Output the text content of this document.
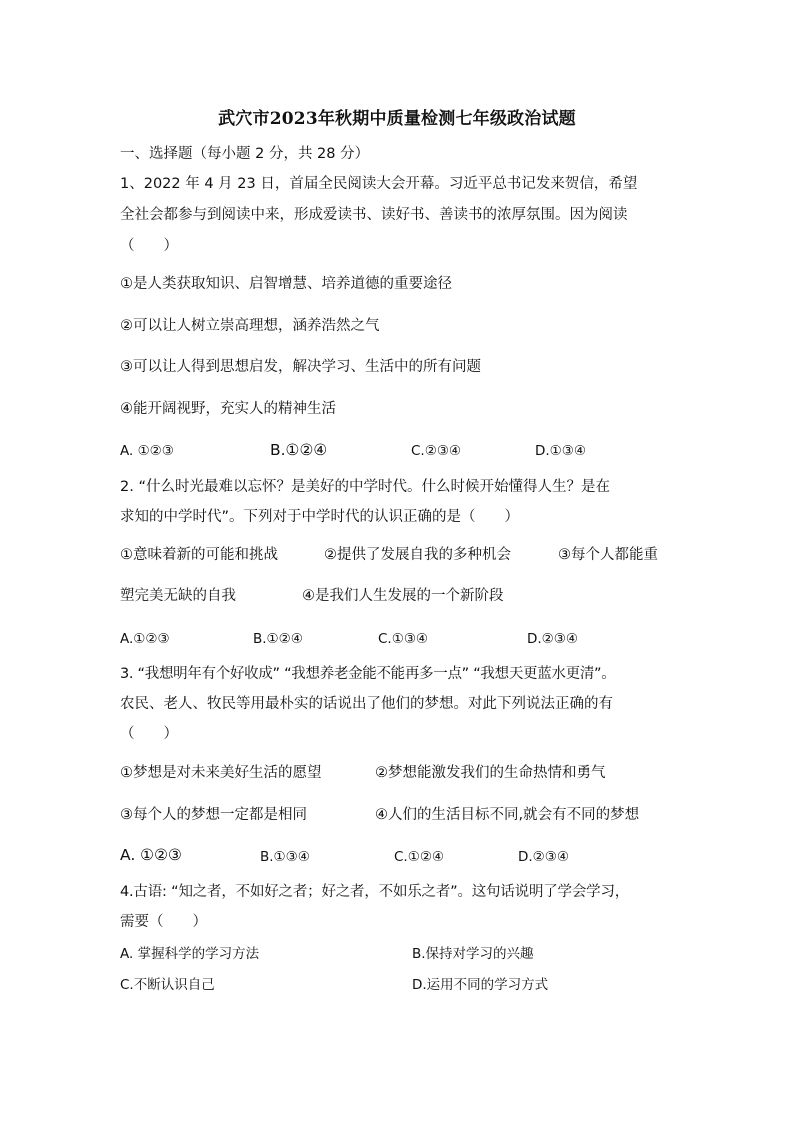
武穴市2023年秋期中质量检测七年级政治试题
一、选择题（每小题 2 分，共 28 分）
1、2022 年 4 月 23 日，首届全民阅读大会开幕。习近平总书记发来贺信，希望
全社会都参与到阅读中来，形成爱读书、读好书、善读书的浓厚氛围。因为阅读
（　　）
①是人类获取知识、启智增慧、培养道德的重要途径
②可以让人树立崇高理想，涵养浩然之气
③可以让人得到思想启发，解决学习、生活中的所有问题
④能开阔视野，充实人的精神生活
A. ①②③	B.①②④	C.②③④	D.①③④
2. “什么时光最难以忘怀？是美好的中学时代。什么时候开始懂得人生？是在
求知的中学时代”。下列对于中学时代的认识正确的是（　　）
①意味着新的可能和挑战	②提供了发展自我的多种机会	③每个人都能重
塑完美无缺的自我	④是我们人生发展的一个新阶段
A.①②③	B.①②④	C.①③④	D.②③④
3. “我想明年有个好收成” “我想养老金能不能再多一点” “我想天更蓝水更清”。
农民、老人、牧民等用最朴实的话说出了他们的梦想。对此下列说法正确的有
（　　）
①梦想是对未来美好生活的愿望	②梦想能激发我们的生命热情和勇气
③每个人的梦想一定都是相同	④人们的生活目标不同,就会有不同的梦想
A. ①②③	B.①③④	C.①②④	D.②③④
4.古语: “知之者，不如好之者；好之者，不如乐之者”。这句话说明了学会学习，
需要（　　）
A. 掌握科学的学习方法	B.保持对学习的兴趣
C.不断认识自己	D.运用不同的学习方式
